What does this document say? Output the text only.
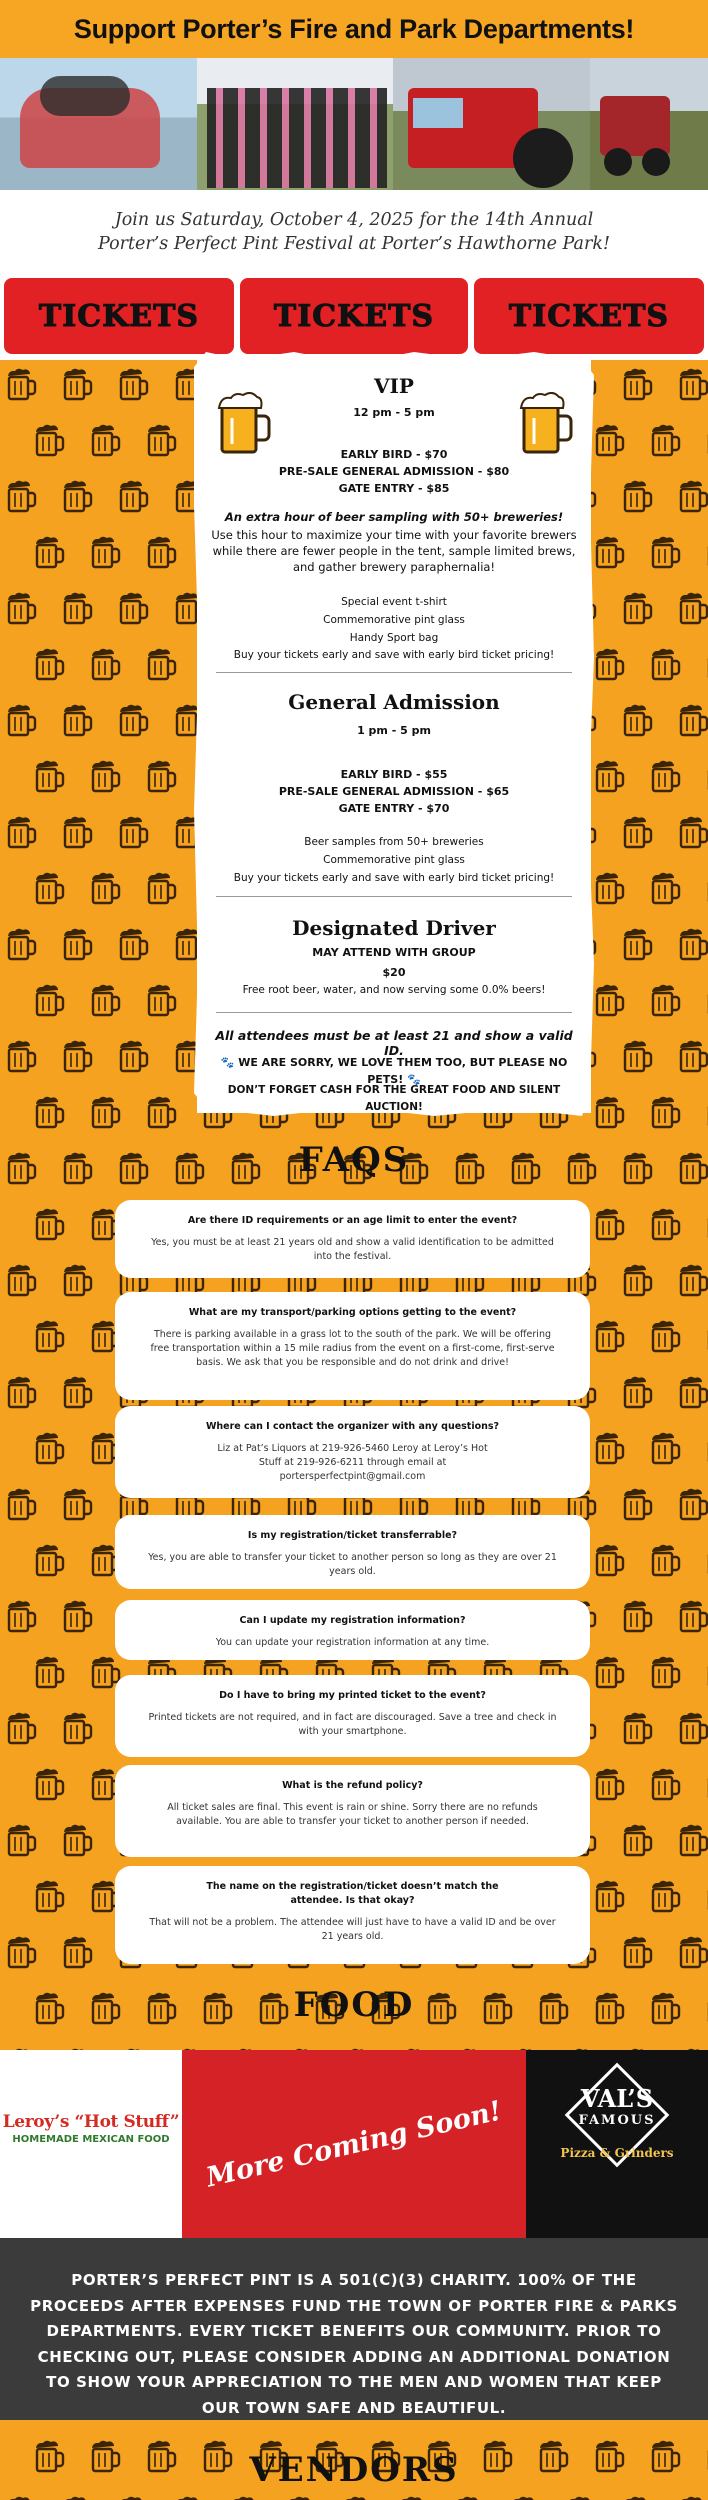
Support Porter’s Fire and Park Departments!

Join us Saturday, October 4, 2025 for the 14th Annual

Porter’s Perfect Pint Festival at Porter’s Hawthorne Park!

TICKETS TICKETS TICKETS
VIP
12 pm - 5 pm
EARLY BIRD - $70
PRE-SALE GENERAL ADMISSION - $80
GATE ENTRY - $85
An extra hour of beer sampling with 50+ breweries!
Use this hour to maximize your time with your favorite brewers
while there are fewer people in the tent, sample limited brews,
and gather brewery paraphernalia!
Special event t-shirt
Commemorative pint glass
Handy Sport bag
Buy your tickets early and save with early bird ticket pricing!
General Admission
1 pm - 5 pm
EARLY BIRD - $55
PRE-SALE GENERAL ADMISSION - $65
GATE ENTRY - $70
Beer samples from 50+ breweries
Commemorative pint glass
Buy your tickets early and save with early bird ticket pricing!
Designated Driver
MAY ATTEND WITH GROUP
$20
Free root beer, water, and now serving some 0.0% beers!
All attendees must be at least 21 and show a valid ID.
🐾 WE ARE SORRY, WE LOVE THEM TOO, BUT PLEASE NO PETS! 🐾
DON’T FORGET CASH FOR THE GREAT FOOD AND SILENT AUCTION!
FAQS
Are there ID requirements or an age limit to enter the event?
Yes, you must be at least 21 years old and show a valid identification to be admitted into the festival.
What are my transport/parking options getting to the event?
There is parking available in a grass lot to the south of the park. We will be offering free transportation within a 15 mile radius from the event on a first-come, first-serve basis. We ask that you be responsible and do not drink and drive!
Where can I contact the organizer with any questions?
Liz at Pat’s Liquors at 219-926-5460 Leroy at Leroy’s Hot Stuff at 219-926-6211 through email at portersperfectpint@gmail.com
Is my registration/ticket transferrable?
Yes, you are able to transfer your ticket to another person so long as they are over 21 years old.
Can I update my registration information?
You can update your registration information at any time.
Do I have to bring my printed ticket to the event?
Printed tickets are not required, and in fact are discouraged. Save a tree and check in with your smartphone.
What is the refund policy?
All ticket sales are final. This event is rain or shine. Sorry there are no refunds available. You are able to transfer your ticket to another person if needed.
The name on the registration/ticket doesn’t match the attendee. Is that okay?
That will not be a problem. The attendee will just have to have a valid ID and be over 21 years old.
FOOD
Leroy’s “Hot Stuff”
HOMEMADE MEXICAN FOOD	More Coming Soon!	VAL’S
FAMOUS
Pizza & Grinders

PORTER’S PERFECT PINT IS A 501(C)(3) CHARITY. 100% OF THE PROCEEDS AFTER EXPENSES FUND THE TOWN OF PORTER FIRE & PARKS DEPARTMENTS. EVERY TICKET BENEFITS OUR COMMUNITY. PRIOR TO CHECKING OUT, PLEASE CONSIDER ADDING AN ADDITIONAL DONATION TO SHOW YOUR APPRECIATION TO THE MEN AND WOMEN THAT KEEP OUR TOWN SAFE AND BEAUTIFUL.

VENDORS
